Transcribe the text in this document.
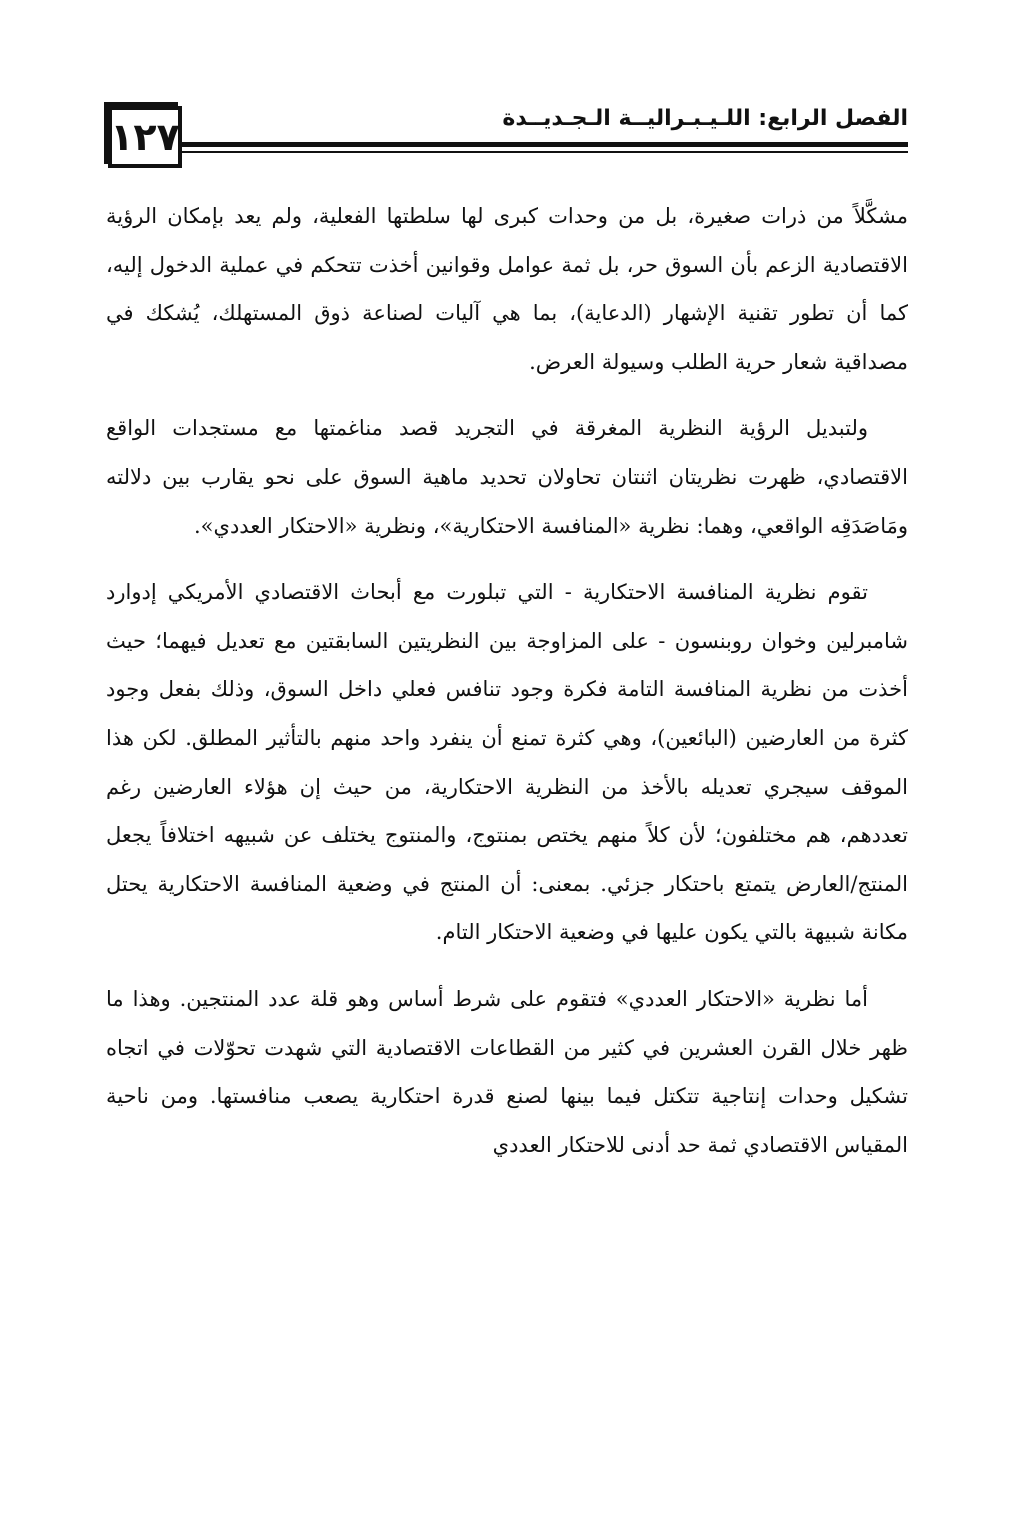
١٢٧	الفصل الرابع: اللـيـبـراليــة الـجـديــدة

مشكَّلاً من ذرات صغيرة، بل من وحدات كبرى لها سلطتها الفعلية، ولم يعد بإمكان الرؤية الاقتصادية الزعم بأن السوق حر، بل ثمة عوامل وقوانين أخذت تتحكم في عملية الدخول إليه، كما أن تطور تقنية الإشهار (الدعاية)، بما هي آليات لصناعة ذوق المستهلك، يُشكك في مصداقية شعار حرية الطلب وسيولة العرض.

ولتبديل الرؤية النظرية المغرقة في التجريد قصد مناغمتها مع مستجدات الواقع الاقتصادي، ظهرت نظريتان اثنتان تحاولان تحديد ماهية السوق على نحو يقارب بين دلالته ومَاصَدَقِه الواقعي، وهما: نظرية «المنافسة الاحتكارية»، ونظرية «الاحتكار العددي».

تقوم نظرية المنافسة الاحتكارية - التي تبلورت مع أبحاث الاقتصادي الأمريكي إدوارد شامبرلين وخوان روبنسون - على المزاوجة بين النظريتين السابقتين مع تعديل فيهما؛ حيث أخذت من نظرية المنافسة التامة فكرة وجود تنافس فعلي داخل السوق، وذلك بفعل وجود كثرة من العارضين (البائعين)، وهي كثرة تمنع أن ينفرد واحد منهم بالتأثير المطلق. لكن هذا الموقف سيجري تعديله بالأخذ من النظرية الاحتكارية، من حيث إن هؤلاء العارضين رغم تعددهم، هم مختلفون؛ لأن كلاً منهم يختص بمنتوج، والمنتوج يختلف عن شبيهه اختلافاً يجعل المنتج/العارض يتمتع باحتكار جزئي. بمعنى: أن المنتج في وضعية المنافسة الاحتكارية يحتل مكانة شبيهة بالتي يكون عليها في وضعية الاحتكار التام.

أما نظرية «الاحتكار العددي» فتقوم على شرط أساس وهو قلة عدد المنتجين. وهذا ما ظهر خلال القرن العشرين في كثير من القطاعات الاقتصادية التي شهدت تحوّلات في اتجاه تشكيل وحدات إنتاجية تتكتل فيما بينها لصنع قدرة احتكارية يصعب منافستها. ومن ناحية المقياس الاقتصادي ثمة حد أدنى للاحتكار العددي
